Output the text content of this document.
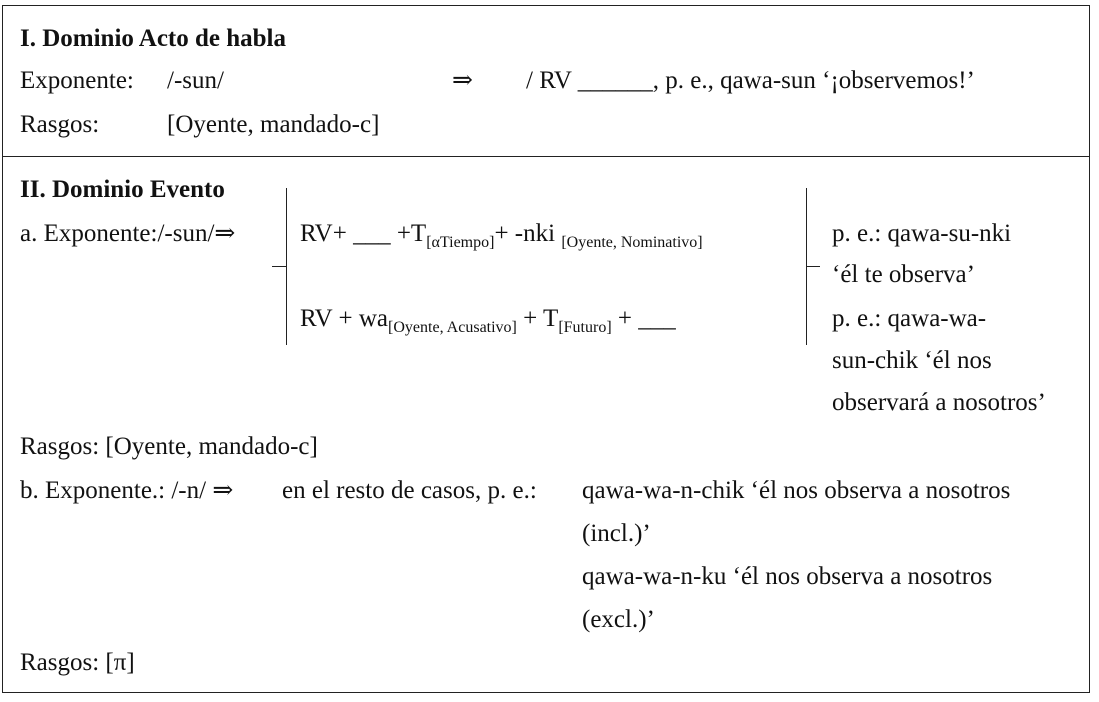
I. Dominio Acto de habla
Exponente: /-sun/	⇒ / RV ______, p. e., qawa-sun ‘¡observemos!’
Rasgos:	[Oyente, mandado-c]
II. Dominio Evento
a. Exponente:/-sun/⇒	RV+ ___ $+T_{[\alpha Tiempo]}+ -nki$ $_{[Oyente, Nominativo]}$
RV + $wa_{[Oyente, Acusativo]} + T_{[Futuro]}$ + ___
p. e.: qawa-su-nki
‘él te observa’
p. e.: qawa-wa-
sun-chik ‘él nos
observará a nosotros’
Rasgos: [Oyente, mandado-c]
b. Exponente.: /-n/ ⇒ en el resto de casos, p. e.: qawa-wa-n-chik ‘él nos observa a nosotros
(incl.)’
qawa-wa-n-ku ‘él nos observa a nosotros
(excl.)’
Rasgos: [π]
